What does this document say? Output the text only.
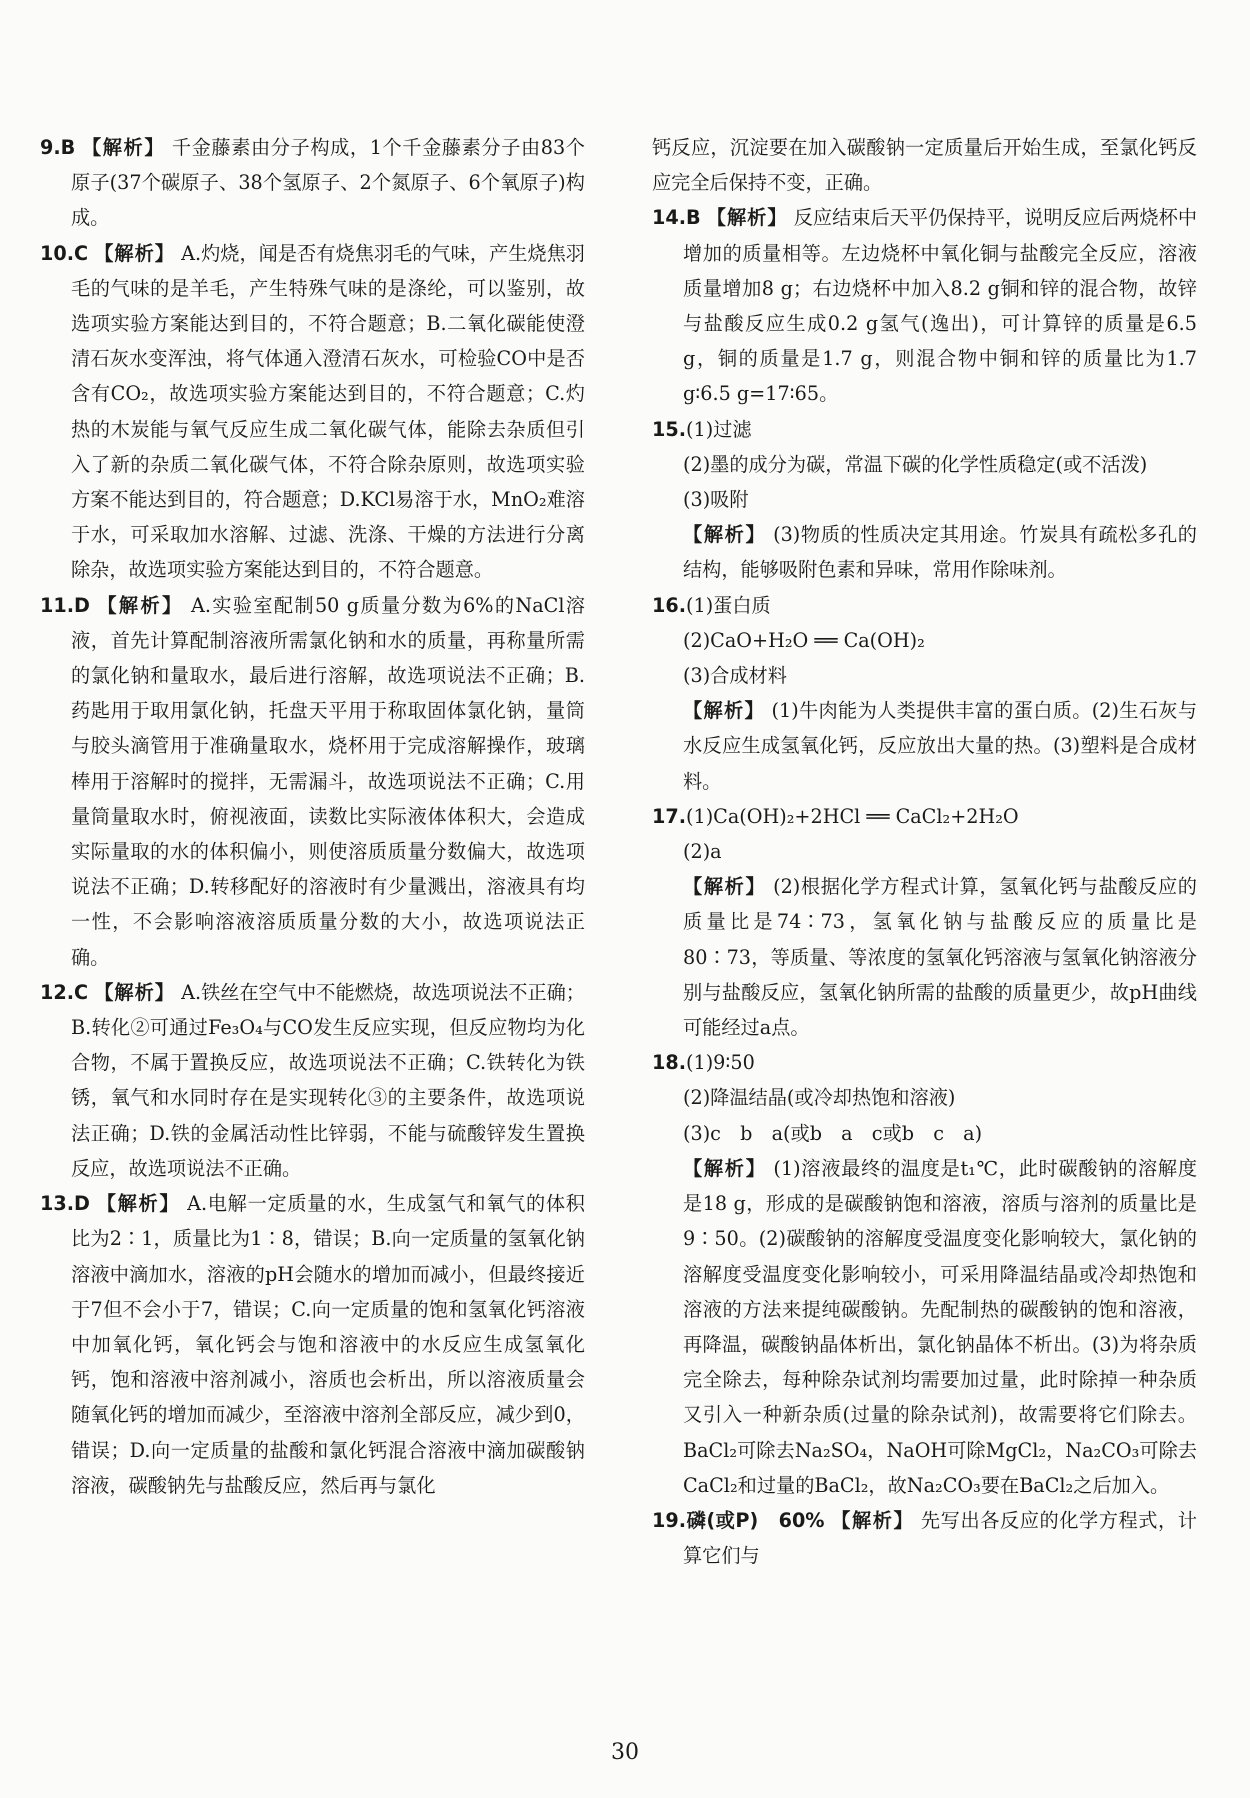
9.B 【解析】 千金藤素由分子构成，1个千金藤素分子由83个原子(37个碳原子、38个氢原子、2个氮原子、6个氧原子)构成。
10.C 【解析】 A.灼烧，闻是否有烧焦羽毛的气味，产生烧焦羽毛的气味的是羊毛，产生特殊气味的是涤纶，可以鉴别，故选项实验方案能达到目的，不符合题意；B.二氧化碳能使澄清石灰水变浑浊，将气体通入澄清石灰水，可检验CO中是否含有CO₂，故选项实验方案能达到目的，不符合题意；C.灼热的木炭能与氧气反应生成二氧化碳气体，能除去杂质但引入了新的杂质二氧化碳气体，不符合除杂原则，故选项实验方案不能达到目的，符合题意；D.KCl易溶于水，MnO₂难溶于水，可采取加水溶解、过滤、洗涤、干燥的方法进行分离除杂，故选项实验方案能达到目的，不符合题意。
11.D 【解析】 A.实验室配制50 g质量分数为6%的NaCl溶液，首先计算配制溶液所需氯化钠和水的质量，再称量所需的氯化钠和量取水，最后进行溶解，故选项说法不正确；B.药匙用于取用氯化钠，托盘天平用于称取固体氯化钠，量筒与胶头滴管用于准确量取水，烧杯用于完成溶解操作，玻璃棒用于溶解时的搅拌，无需漏斗，故选项说法不正确；C.用量筒量取水时，俯视液面，读数比实际液体体积大，会造成实际量取的水的体积偏小，则使溶质质量分数偏大，故选项说法不正确；D.转移配好的溶液时有少量溅出，溶液具有均一性，不会影响溶液溶质质量分数的大小，故选项说法正确。
12.C 【解析】 A.铁丝在空气中不能燃烧，故选项说法不正确；B.转化②可通过Fe₃O₄与CO发生反应实现，但反应物均为化合物，不属于置换反应，故选项说法不正确；C.铁转化为铁锈，氧气和水同时存在是实现转化③的主要条件，故选项说法正确；D.铁的金属活动性比锌弱，不能与硫酸锌发生置换反应，故选项说法不正确。
13.D 【解析】 A.电解一定质量的水，生成氢气和氧气的体积比为2∶1，质量比为1∶8，错误；B.向一定质量的氢氧化钠溶液中滴加水，溶液的pH会随水的增加而减小，但最终接近于7但不会小于7，错误；C.向一定质量的饱和氢氧化钙溶液中加氧化钙，氧化钙会与饱和溶液中的水反应生成氢氧化钙，饱和溶液中溶剂减小，溶质也会析出，所以溶液质量会随氧化钙的增加而减少，至溶液中溶剂全部反应，减少到0，错误；D.向一定质量的盐酸和氯化钙混合溶液中滴加碳酸钠溶液，碳酸钠先与盐酸反应，然后再与氯化
钙反应，沉淀要在加入碳酸钠一定质量后开始生成，至氯化钙反应完全后保持不变，正确。
14.B 【解析】 反应结束后天平仍保持平，说明反应后两烧杯中增加的质量相等。左边烧杯中氧化铜与盐酸完全反应，溶液质量增加8 g；右边烧杯中加入8.2 g铜和锌的混合物，故锌与盐酸反应生成0.2 g氢气(逸出)，可计算锌的质量是6.5 g，铜的质量是1.7 g，则混合物中铜和锌的质量比为1.7 g∶6.5 g=17∶65。
15.(1)过滤
(2)墨的成分为碳，常温下碳的化学性质稳定(或不活泼)
(3)吸附
【解析】 (3)物质的性质决定其用途。竹炭具有疏松多孔的结构，能够吸附色素和异味，常用作除味剂。
16.(1)蛋白质
(2)CaO+H₂O ══ Ca(OH)₂
(3)合成材料
【解析】 (1)牛肉能为人类提供丰富的蛋白质。(2)生石灰与水反应生成氢氧化钙，反应放出大量的热。(3)塑料是合成材料。
17.(1)Ca(OH)₂+2HCl ══ CaCl₂+2H₂O
(2)a
【解析】 (2)根据化学方程式计算，氢氧化钙与盐酸反应的质量比是74∶73，氢氧化钠与盐酸反应的质量比是80∶73，等质量、等浓度的氢氧化钙溶液与氢氧化钠溶液分别与盐酸反应，氢氧化钠所需的盐酸的质量更少，故pH曲线可能经过a点。
18.(1)9∶50
(2)降温结晶(或冷却热饱和溶液)
(3)c　b　a(或b　a　c或b　c　a)
【解析】 (1)溶液最终的温度是t₁℃，此时碳酸钠的溶解度是18 g，形成的是碳酸钠饱和溶液，溶质与溶剂的质量比是9∶50。(2)碳酸钠的溶解度受温度变化影响较大，氯化钠的溶解度受温度变化影响较小，可采用降温结晶或冷却热饱和溶液的方法来提纯碳酸钠。先配制热的碳酸钠的饱和溶液，再降温，碳酸钠晶体析出，氯化钠晶体不析出。(3)为将杂质完全除去，每种除杂试剂均需要加过量，此时除掉一种杂质又引入一种新杂质(过量的除杂试剂)，故需要将它们除去。BaCl₂可除去Na₂SO₄，NaOH可除MgCl₂，Na₂CO₃可除去CaCl₂和过量的BaCl₂，故Na₂CO₃要在BaCl₂之后加入。
19.磷(或P)　60% 【解析】 先写出各反应的化学方程式，计算它们与
30
